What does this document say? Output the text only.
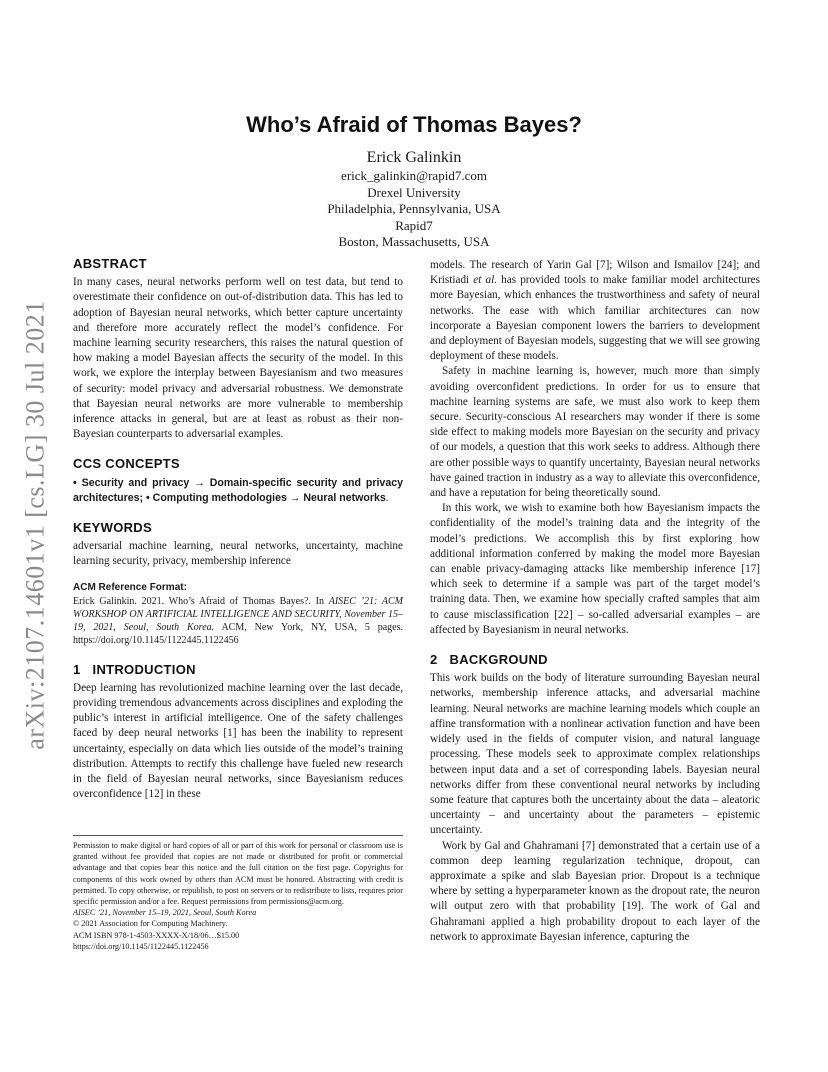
arXiv:2107.14601v1 [cs.LG] 30 Jul 2021
Who’s Afraid of Thomas Bayes?
Erick Galinkin
erick_galinkin@rapid7.com
Drexel University
Philadelphia, Pennsylvania, USA
Rapid7
Boston, Massachusetts, USA
ABSTRACT

In many cases, neural networks perform well on test data, but tend to overestimate their confidence on out-of-distribution data. This has led to adoption of Bayesian neural networks, which better capture uncertainty and therefore more accurately reflect the model’s confidence. For machine learning security researchers, this raises the natural question of how making a model Bayesian affects the security of the model. In this work, we explore the interplay between Bayesianism and two measures of security: model privacy and adversarial robustness. We demonstrate that Bayesian neural networks are more vulnerable to membership inference attacks in general, but are at least as robust as their non-Bayesian counterparts to adversarial examples.

CCS CONCEPTS

• Security and privacy → Domain-specific security and privacy architectures; • Computing methodologies → Neural networks.

KEYWORDS

adversarial machine learning, neural networks, uncertainty, machine learning security, privacy, membership inference

ACM Reference Format:

Erick Galinkin. 2021. Who’s Afraid of Thomas Bayes?. In AISEC ’21: ACM WORKSHOP ON ARTIFICIAL INTELLIGENCE AND SECURITY, November 15–19, 2021, Seoul, South Korea. ACM, New York, NY, USA, 5 pages. https://doi.org/10.1145/1122445.1122456

1 INTRODUCTION

Deep learning has revolutionized machine learning over the last decade, providing tremendous advancements across disciplines and exploding the public’s interest in artificial intelligence. One of the safety challenges faced by deep neural networks [1] has been the inability to represent uncertainty, especially on data which lies outside of the model’s training distribution. Attempts to rectify this challenge have fueled new research in the field of Bayesian neural networks, since Bayesianism reduces overconfidence [12] in these

Permission to make digital or hard copies of all or part of this work for personal or classroom use is granted without fee provided that copies are not made or distributed for profit or commercial advantage and that copies bear this notice and the full citation on the first page. Copyrights for components of this work owned by others than ACM must be honored. Abstracting with credit is permitted. To copy otherwise, or republish, to post on servers or to redistribute to lists, requires prior specific permission and/or a fee. Request permissions from permissions@acm.org.

AISEC ’21, November 15–19, 2021, Seoul, South Korea

© 2021 Association for Computing Machinery.

ACM ISBN 978-1-4503-XXXX-X/18/06…$15.00

https://doi.org/10.1145/1122445.1122456

models. The research of Yarin Gal [7]; Wilson and Ismailov [24]; and Kristiadi et al. has provided tools to make familiar model architectures more Bayesian, which enhances the trustworthiness and safety of neural networks. The ease with which familiar architectures can now incorporate a Bayesian component lowers the barriers to development and deployment of Bayesian models, suggesting that we will see growing deployment of these models.

Safety in machine learning is, however, much more than simply avoiding overconfident predictions. In order for us to ensure that machine learning systems are safe, we must also work to keep them secure. Security-conscious AI researchers may wonder if there is some side effect to making models more Bayesian on the security and privacy of our models, a question that this work seeks to address. Although there are other possible ways to quantify uncertainty, Bayesian neural networks have gained traction in industry as a way to alleviate this overconfidence, and have a reputation for being theoretically sound.

In this work, we wish to examine both how Bayesianism impacts the confidentiality of the model’s training data and the integrity of the model’s predictions. We accomplish this by first exploring how additional information conferred by making the model more Bayesian can enable privacy-damaging attacks like membership inference [17] which seek to determine if a sample was part of the target model’s training data. Then, we examine how specially crafted samples that aim to cause misclassification [22] – so-called adversarial examples – are affected by Bayesianism in neural networks.

2 BACKGROUND

This work builds on the body of literature surrounding Bayesian neural networks, membership inference attacks, and adversarial machine learning. Neural networks are machine learning models which couple an affine transformation with a nonlinear activation function and have been widely used in the fields of computer vision, and natural language processing. These models seek to approximate complex relationships between input data and a set of corresponding labels. Bayesian neural networks differ from these conventional neural networks by including some feature that captures both the uncertainty about the data – aleatoric uncertainty – and uncertainty about the parameters – epistemic uncertainty.

Work by Gal and Ghahramani [7] demonstrated that a certain use of a common deep learning regularization technique, dropout, can approximate a spike and slab Bayesian prior. Dropout is a technique where by setting a hyperparameter known as the dropout rate, the neuron will output zero with that probability [19]. The work of Gal and Ghahramani applied a high probability dropout to each layer of the network to approximate Bayesian inference, capturing the
